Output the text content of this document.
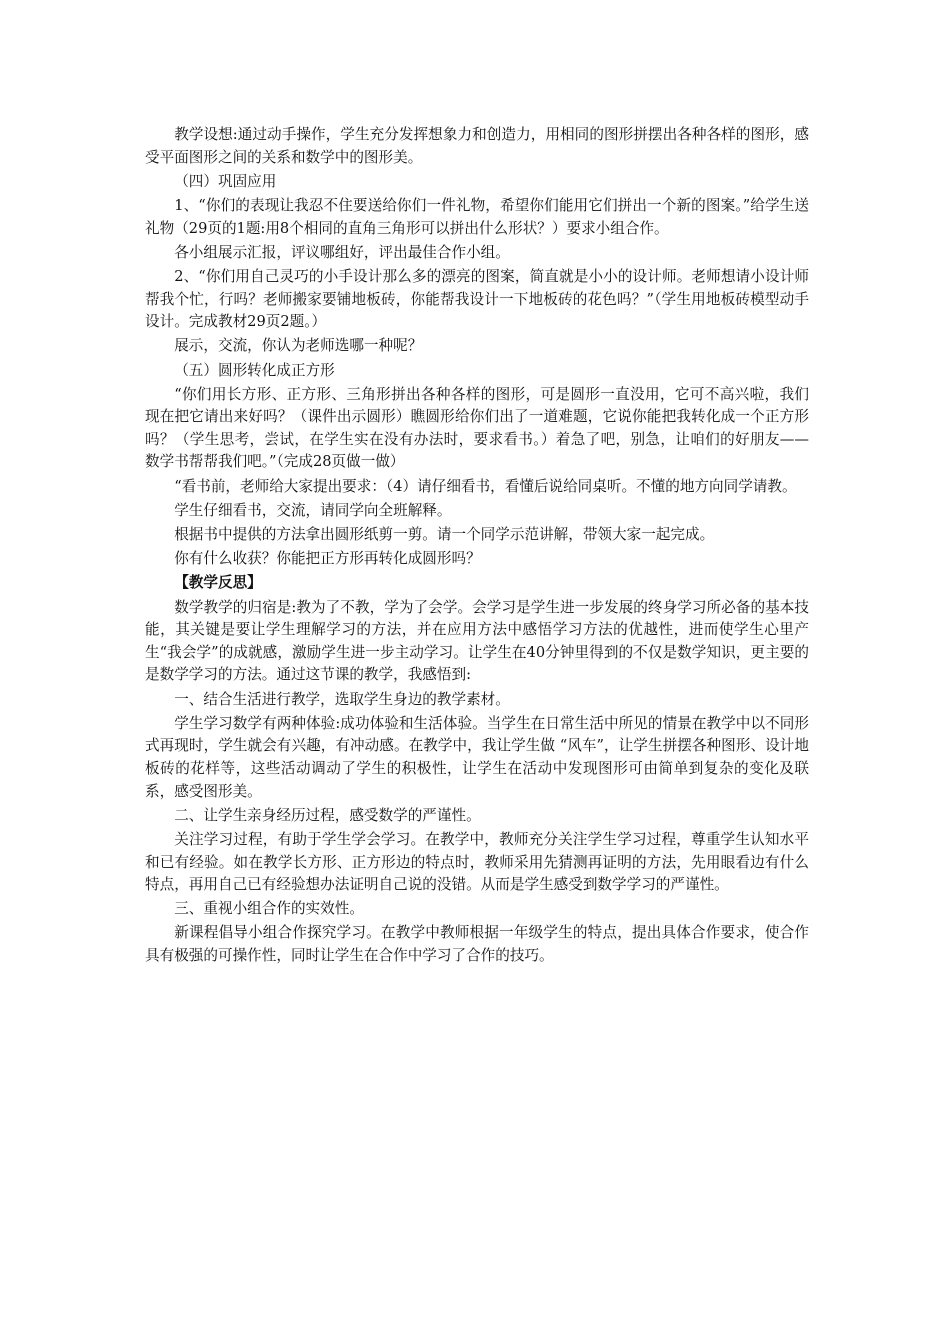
教学设想:通过动手操作，学生充分发挥想象力和创造力，用相同的图形拼摆出各种各样的图形，感受平面图形之间的关系和数学中的图形美。

（四）巩固应用

1、“你们的表现让我忍不住要送给你们一件礼物，希望你们能用它们拼出一个新的图案。”给学生送礼物（29页的1题:用8个相同的直角三角形可以拼出什么形状？）要求小组合作。

各小组展示汇报，评议哪组好，评出最佳合作小组。

2、“你们用自己灵巧的小手设计那么多的漂亮的图案，简直就是小小的设计师。老师想请小设计师帮我个忙，行吗？老师搬家要铺地板砖，你能帮我设计一下地板砖的花色吗？”（学生用地板砖模型动手设计。完成教材29页2题。）

展示，交流，你认为老师选哪一种呢？

（五）圆形转化成正方形

“你们用长方形、正方形、三角形拼出各种各样的图形，可是圆形一直没用，它可不高兴啦，我们现在把它请出来好吗？（课件出示圆形）瞧圆形给你们出了一道难题，它说你能把我转化成一个正方形吗？（学生思考，尝试，在学生实在没有办法时，要求看书。）着急了吧，别急，让咱们的好朋友——数学书帮帮我们吧。”（完成28页做一做）

“看书前，老师给大家提出要求：（4）请仔细看书，看懂后说给同桌听。不懂的地方向同学请教。

学生仔细看书，交流，请同学向全班解释。

根据书中提供的方法拿出圆形纸剪一剪。请一个同学示范讲解，带领大家一起完成。

你有什么收获？你能把正方形再转化成圆形吗？

【教学反思】

数学教学的归宿是:教为了不教，学为了会学。会学习是学生进一步发展的终身学习所必备的基本技能，其关键是要让学生理解学习的方法，并在应用方法中感悟学习方法的优越性，进而使学生心里产生“我会学”的成就感，激励学生进一步主动学习。让学生在40分钟里得到的不仅是数学知识，更主要的是数学学习的方法。通过这节课的教学，我感悟到:

一、结合生活进行教学，选取学生身边的教学素材。

学生学习数学有两种体验:成功体验和生活体验。当学生在日常生活中所见的情景在教学中以不同形式再现时，学生就会有兴趣，有冲动感。在教学中，我让学生做 “风车”，让学生拼摆各种图形、设计地板砖的花样等，这些活动调动了学生的积极性，让学生在活动中发现图形可由简单到复杂的变化及联系，感受图形美。

二、让学生亲身经历过程，感受数学的严谨性。

关注学习过程，有助于学生学会学习。在教学中，教师充分关注学生学习过程，尊重学生认知水平和已有经验。如在教学长方形、正方形边的特点时，教师采用先猜测再证明的方法，先用眼看边有什么特点，再用自己已有经验想办法证明自己说的没错。从而是学生感受到数学学习的严谨性。

三、重视小组合作的实效性。

新课程倡导小组合作探究学习。在教学中教师根据一年级学生的特点，提出具体合作要求，使合作具有极强的可操作性，同时让学生在合作中学习了合作的技巧。
